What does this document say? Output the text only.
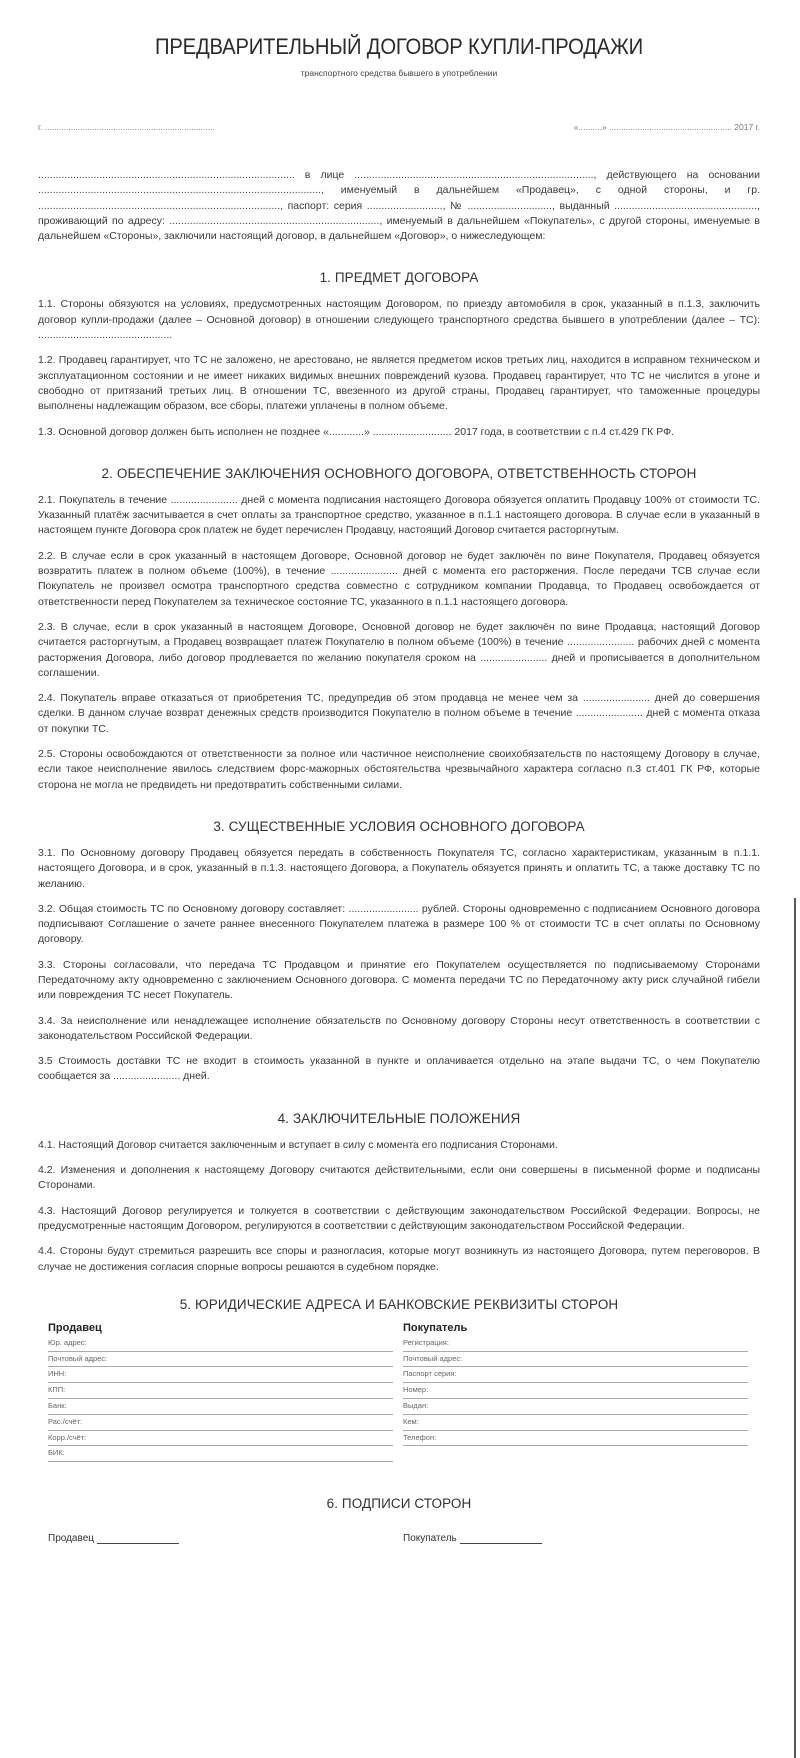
ПРЕДВАРИТЕЛЬНЫЙ ДОГОВОР КУПЛИ-ПРОДАЖИ
транспортного средства бывшего в употреблении
г. ........................................................................	«..........» .................................................... 2017 г.

........................................................................................ в лице .................................................................................., действующего на основании ................................................................................................., именуемый в дальнейшем «Продавец», с одной стороны, и гр. ..................................................................................., паспорт: серия .........................., № ............................., выданный ................................................., проживающий по адресу: ........................................................................, именуемый в дальнейшем «Покупатель», с другой стороны, именуемые в дальнейшем «Стороны», заключили настоящий договор, в дальнейшем «Договор», о нижеследующем:

1. ПРЕДМЕТ ДОГОВОРА

1.1. Стороны обязуются на условиях, предусмотренных настоящим Договором, по приезду автомобиля в срок, указанный в п.1.3, заключить договор купли-продажи (далее – Основной договор) в отношении следующего транспортного средства бывшего в употреблении (далее – ТС): ..............................................

1.2. Продавец гарантирует, что ТС не заложено, не арестовано, не является предметом исков третьих лиц, находится в исправном техническом и эксплуатационном состоянии и не имеет никаких видимых внешних повреждений кузова. Продавец гарантирует, что ТС не числится в угоне и свободно от притязаний третьих лиц. В отношении ТС, ввезенного из другой страны, Продавец гарантирует, что таможенные процедуры выполнены надлежащим образом, все сборы, платежи уплачены в полном объеме.

1.3. Основной договор должен быть исполнен не позднее «............» ........................... 2017 года, в соответствии с п.4 ст.429 ГК РФ.

2. ОБЕСПЕЧЕНИЕ ЗАКЛЮЧЕНИЯ ОСНОВНОГО ДОГОВОРА, ОТВЕТСТВЕННОСТЬ СТОРОН

2.1. Покупатель в течение ....................... дней с момента подписания настоящего Договора обязуется оплатить Продавцу 100% от стоимости ТС. Указанный платёж засчитывается в счет оплаты за транспортное средство, указанное в п.1.1 настоящего договора. В случае если в указанный в настоящем пункте Договора срок платеж не будет перечислен Продавцу, настоящий Договор считается расторгнутым.

2.2. В случае если в срок указанный в настоящем Договоре, Основной договор не будет заключён по вине Покупателя, Продавец обязуется возвратить платеж в полном объеме (100%), в течение ....................... дней с момента его расторжения. После передачи ТСВ случае если Покупатель не произвел осмотра транспортного средства совместно с сотрудником компании Продавца, то Продавец освобождается от ответственности перед Покупателем за техническое состояние ТС, указанного в п.1.1 настоящего договора.

2.3. В случае, если в срок указанный в настоящем Договоре, Основной договор не будет заключён по вине Продавца, настоящий Договор считается расторгнутым, а Продавец возвращает платеж Покупателю в полном объеме (100%) в течение ....................... рабочих дней с момента расторжения Договора, либо договор продлевается по желанию покупателя сроком на ....................... дней и прописывается в дополнительном соглашении.

2.4. Покупатель вправе отказаться от приобретения ТС, предупредив об этом продавца не менее чем за ....................... дней до совершения сделки. В данном случае возврат денежных средств производится Покупателю в полном объеме в течение ....................... дней с момента отказа от покупки ТС.

2.5. Стороны освобождаются от ответственности за полное или частичное неисполнение своихобязательств по настоящему Договору в случае, если такое неисполнение явилось следствием форс-мажорных обстоятельства чрезвычайного характера согласно п.3 ст.401 ГК РФ, которые сторона не могла не предвидеть ни предотвратить собственными силами.

3. СУЩЕСТВЕННЫЕ УСЛОВИЯ ОСНОВНОГО ДОГОВОРА

3.1. По Основному договору Продавец обязуется передать в собственность Покупателя ТС, согласно характеристикам, указанным в п.1.1. настоящего Договора, и в срок, указанный в п.1.3. настоящего Договора, а Покупатель обязуется принять и оплатить ТС, а также доставку ТС по желанию.

3.2. Общая стоимость ТС по Основному договору составляет: ........................ рублей. Стороны одновременно с подписанием Основного договора подписывают Соглашение о зачете раннее внесенного Покупателем платежа в размере 100 % от стоимости ТС в счет оплаты по Основному договору.

3.3. Стороны согласовали, что передача ТС Продавцом и принятие его Покупателем осуществляется по подписываемому Сторонами Передаточному акту одновременно с заключением Основного договора. С момента передачи ТС по Передаточному акту риск случайной гибели или повреждения ТС несет Покупатель.

3.4. За неисполнение или ненадлежащее исполнение обязательств по Основному договору Стороны несут ответственность в соответствии с законодательством Российской Федерации.

3.5 Стоимость доставки ТС не входит в стоимость указанной в пункте и оплачивается отдельно на этапе выдачи ТС, о чем Покупателю сообщается за ....................... дней.

4. ЗАКЛЮЧИТЕЛЬНЫЕ ПОЛОЖЕНИЯ

4.1. Настоящий Договор считается заключенным и вступает в силу с момента его подписания Сторонами.

4.2. Изменения и дополнения к настоящему Договору считаются действительными, если они совершены в письменной форме и подписаны Сторонами.

4.3. Настоящий Договор регулируется и толкуется в соответствии с действующим законодательством Российской Федерации. Вопросы, не предусмотренные настоящим Договором, регулируются в соответствии с действующим законодательством Российской Федерации.

4.4. Стороны будут стремиться разрешить все споры и разногласия, которые могут возникнуть из настоящего Договора, путем переговоров. В случае не достижения согласия спорные вопросы решаются в судебном порядке.

5. ЮРИДИЧЕСКИЕ АДРЕСА И БАНКОВСКИЕ РЕКВИЗИТЫ СТОРОН
Продавец
Юр. адрес:
Почтовый адрес:
ИНН:
КПП:
Банк:
Рас./счёт:
Корр./счёт:
БИК:
Покупатель
Регистрация:
Почтовый адрес:
Паспорт серия:
Номер:
Выдан:
Кем:
Телефон:
6. ПОДПИСИ СТОРОН
Продавец	Покупатель
